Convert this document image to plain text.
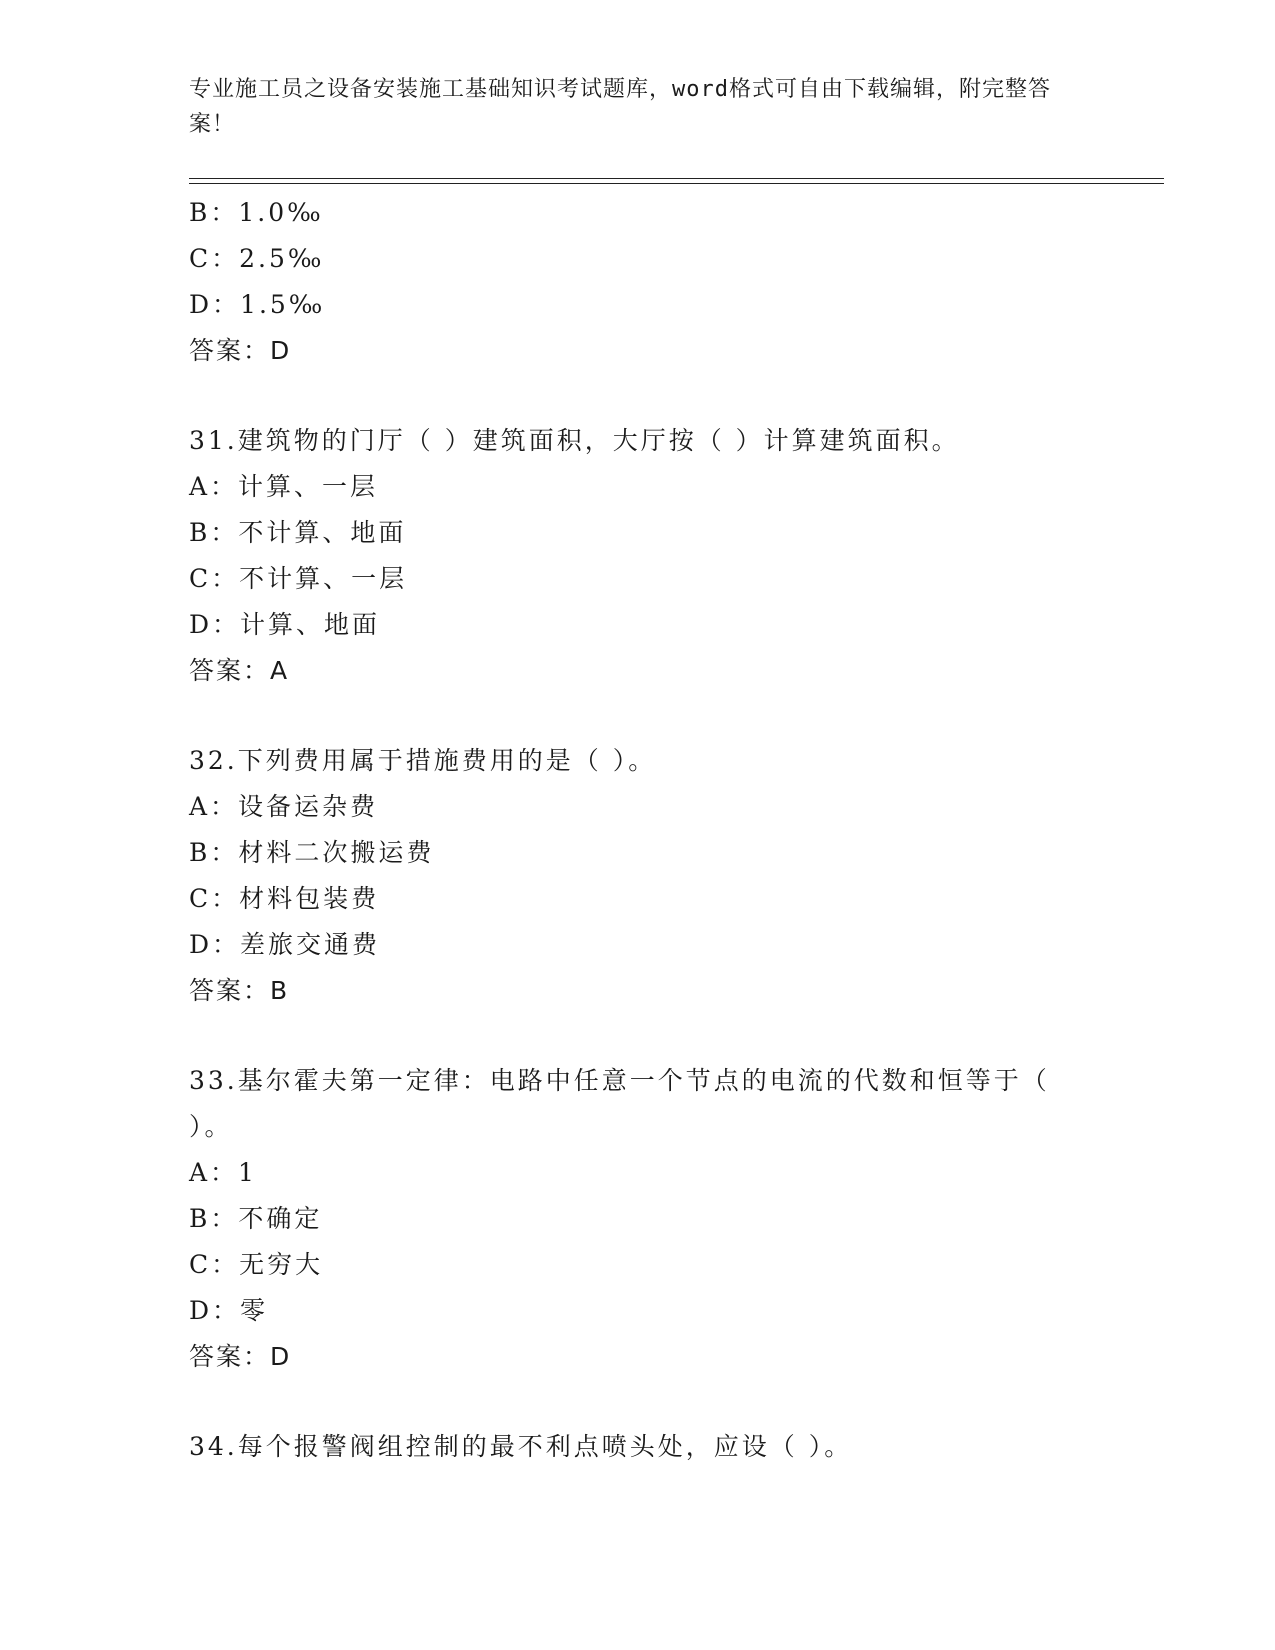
专业施工员之设备安装施工基础知识考试题库，word格式可自由下载编辑，附完整答案！
B：1.0‰
C：2.5‰
D：1.5‰
答案：D
31.建筑物的门厅（ ）建筑面积，大厅按（ ）计算建筑面积。
A：计算、一层
B：不计算、地面
C：不计算、一层
D：计算、地面
答案：A
32.下列费用属于措施费用的是（ ）。
A：设备运杂费
B：材料二次搬运费
C：材料包装费
D：差旅交通费
答案：B
33.基尔霍夫第一定律：电路中任意一个节点的电流的代数和恒等于（ ）。
A：1
B：不确定
C：无穷大
D：零
答案：D
34.每个报警阀组控制的最不利点喷头处，应设（ ）。
